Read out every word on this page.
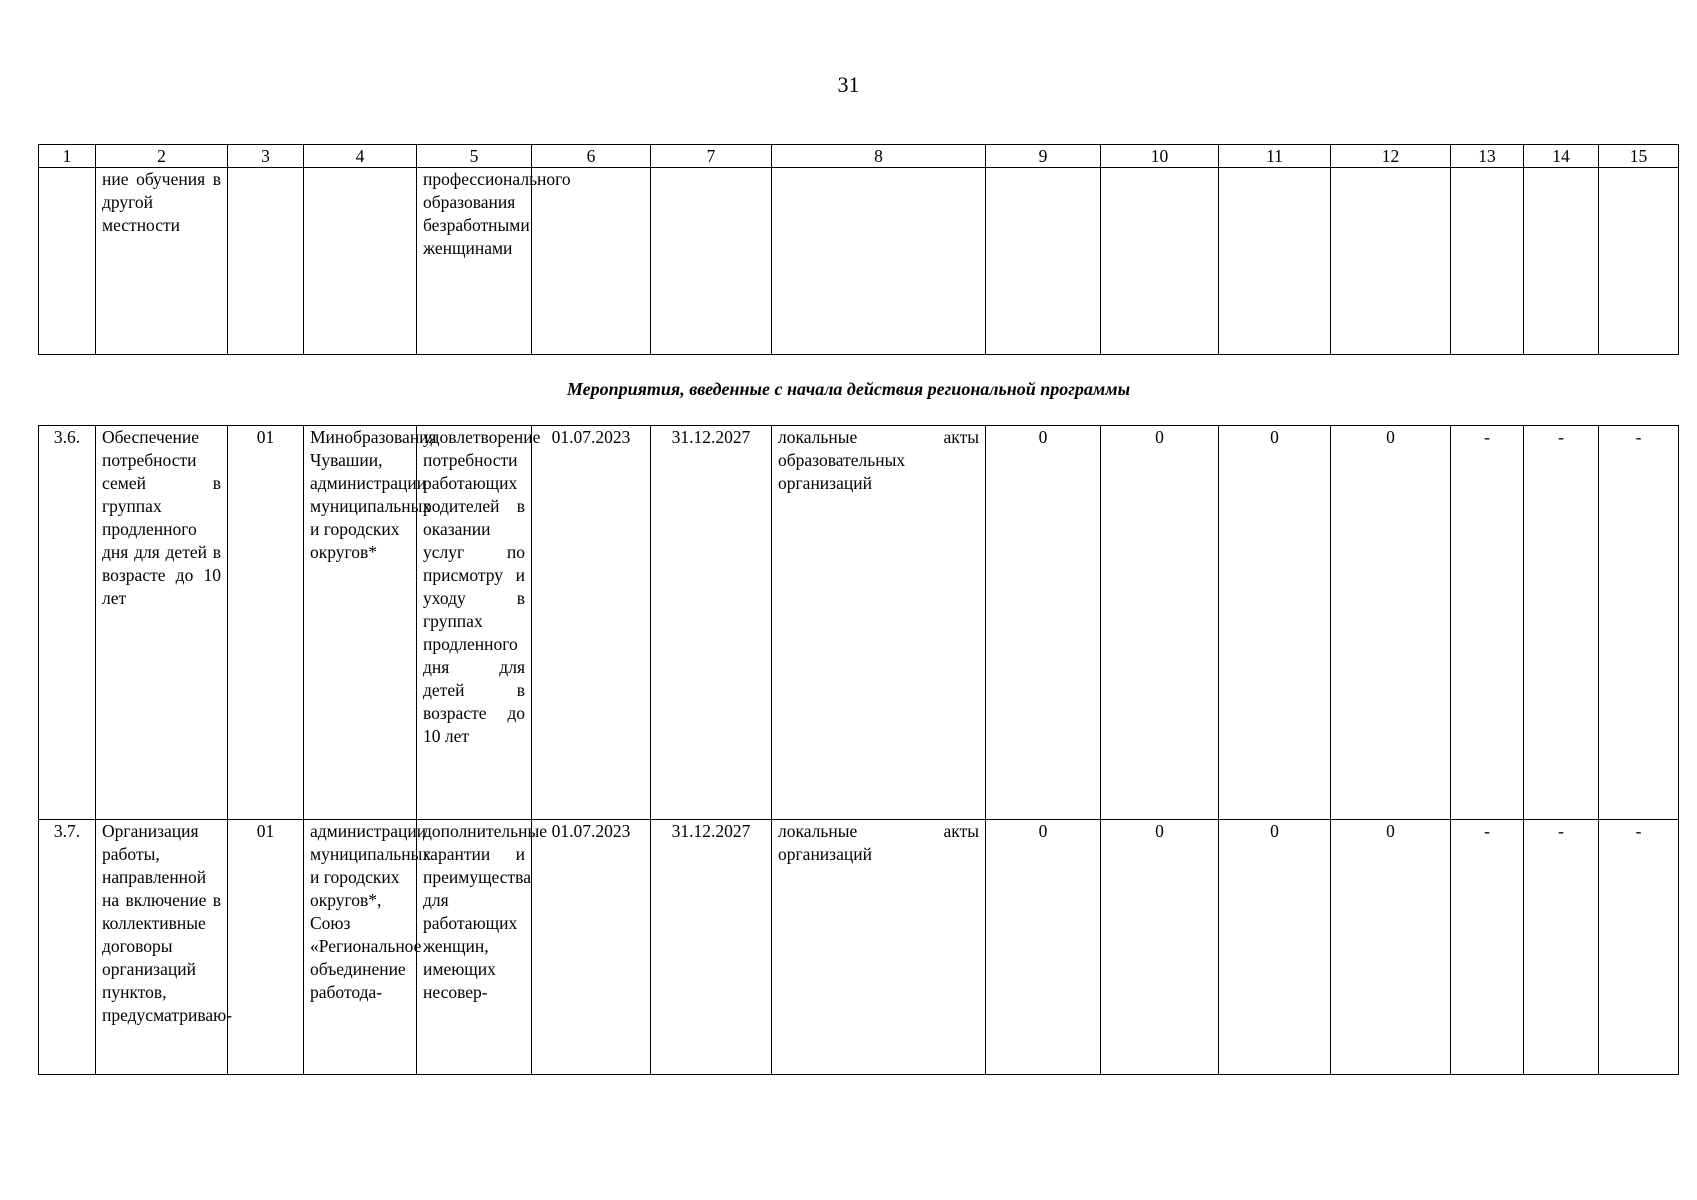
31
1	2	3	4	5	6	7	8	9	10	11	12	13	14	15
	ние обучения в другой местности			профессионального образования безработными женщинами										
Мероприятия, введенные с начала действия региональной программы
3.6.	Обеспечение потребности семей в группах продленного дня для детей в возрасте до 10 лет	01	Минобразования Чувашии, администрации муниципальных и городских округов*	удовлетворение потребности работающих родителей в оказании услуг по присмотру и уходу в группах продленного дня для детей в возрасте до 10 лет	01.07.2023	31.12.2027	локальные акты образовательных организаций	0	0	0	0	-	-	-
3.7.	Организация работы, направленной на включение в коллективные договоры организаций пунктов, предусматриваю-	01	администрации муниципальных и городских округов*, Союз «Региональное объединение работода-	дополнительные гарантии и преимущества для работающих женщин, имеющих несовер-	01.07.2023	31.12.2027	локальные акты организаций	0	0	0	0	-	-	-
